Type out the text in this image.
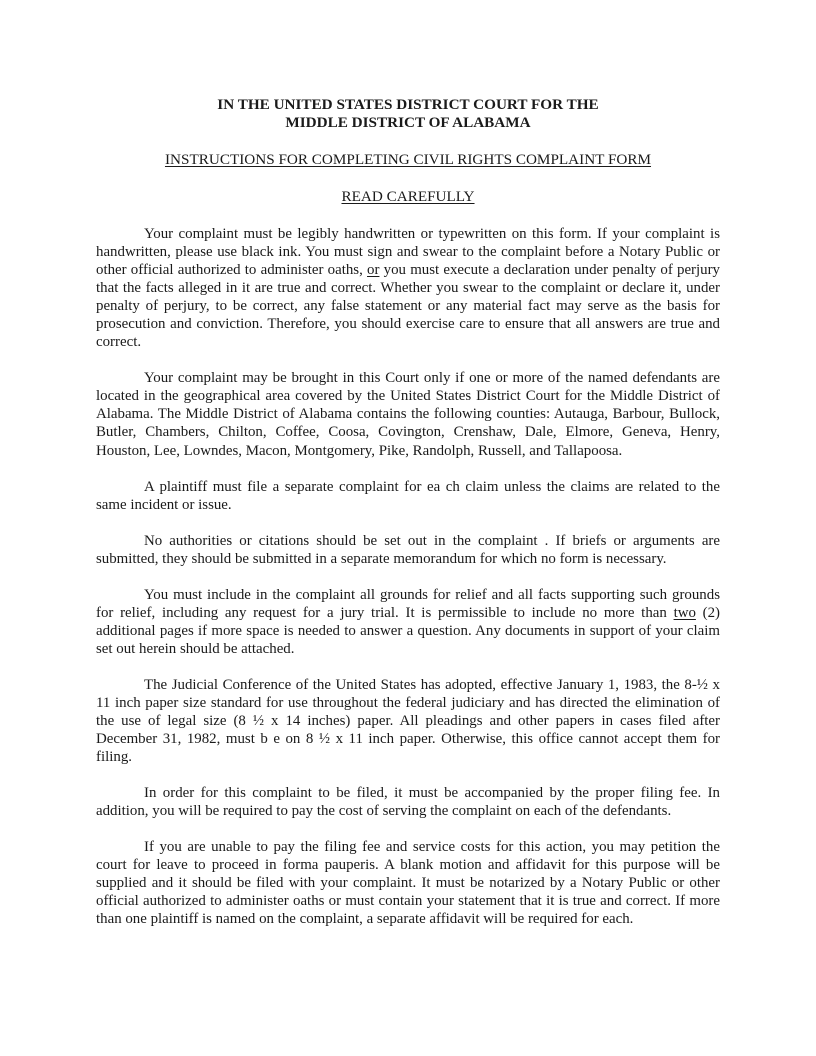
IN THE UNITED STATES DISTRICT COURT FOR THE
MIDDLE DISTRICT OF ALABAMA

INSTRUCTIONS FOR COMPLETING CIVIL RIGHTS COMPLAINT FORM

READ CAREFULLY

Your complaint must be legibly handwritten or typewritten on this form. If your complaint is handwritten, please use black ink. You must sign and swear to the complaint before a Notary Public or other official authorized to administer oaths, or you must execute a declaration under penalty of perjury that the facts alleged in it are true and correct. Whether you swear to the complaint or declare it, under penalty of perjury, to be correct, any false statement or any material fact may serve as the basis for prosecution and conviction. Therefore, you should exercise care to ensure that all answers are true and correct.

Your complaint may be brought in this Court only if one or more of the named defendants are located in the geographical area covered by the United States District Court for the Middle District of Alabama. The Middle District of Alabama contains the following counties: Autauga, Barbour, Bullock, Butler, Chambers, Chilton, Coffee, Coosa, Covington, Crenshaw, Dale, Elmore, Geneva, Henry, Houston, Lee, Lowndes, Macon, Montgomery, Pike, Randolph, Russell, and Tallapoosa.

A plaintiff must file a separate complaint for ea ch claim unless the claims are related to the same incident or issue.

No authorities or citations should be set out in the complaint . If briefs or arguments are submitted, they should be submitted in a separate memorandum for which no form is necessary.

You must include in the complaint all grounds for relief and all facts supporting such grounds for relief, including any request for a jury trial. It is permissible to include no more than two (2) additional pages if more space is needed to answer a question. Any documents in support of your claim set out herein should be attached.

The Judicial Conference of the United States has adopted, effective January 1, 1983, the 8-½ x 11 inch paper size standard for use throughout the federal judiciary and has directed the elimination of the use of legal size (8 ½ x 14 inches) paper. All pleadings and other papers in cases filed after December 31, 1982, must b e on 8 ½ x 11 inch paper. Otherwise, this office cannot accept them for filing.

In order for this complaint to be filed, it must be accompanied by the proper filing fee. In addition, you will be required to pay the cost of serving the complaint on each of the defendants.

If you are unable to pay the filing fee and service costs for this action, you may petition the court for leave to proceed in forma pauperis. A blank motion and affidavit for this purpose will be supplied and it should be filed with your complaint. It must be notarized by a Notary Public or other official authorized to administer oaths or must contain your statement that it is true and correct. If more than one plaintiff is named on the complaint, a separate affidavit will be required for each.
